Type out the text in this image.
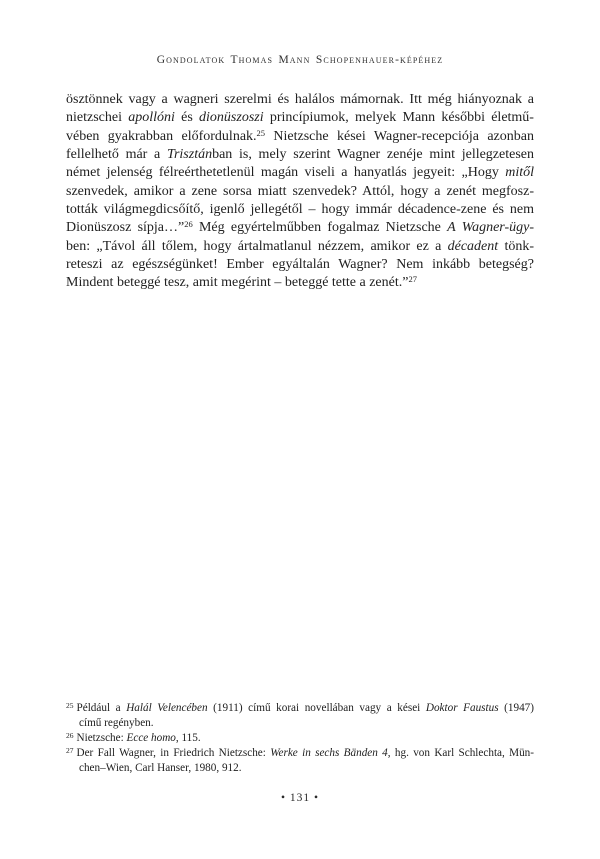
Gondolatok Thomas Mann Schopenhauer-képéhez
ösztönnek vagy a wagneri szerelmi és halálos mámornak. Itt még hiányoznak a
nietzschei apollóni és dionüszoszi princípiumok, melyek Mann későbbi életmű-
vében gyakrabban előfordulnak.$^{25}$ Nietzsche kései Wagner-recepciója azonban
fellelhető már a Trisztánban is, mely szerint Wagner zenéje mint jellegzetesen
német jelenség félreérthetetlenül magán viseli a hanyatlás jegyeit: „Hogy mitől
szenvedek, amikor a zene sorsa miatt szenvedek? Attól, hogy a zenét megfosz-
tották világmegdicsőítő, igenlő jellegétől – hogy immár décadence-zene és nem
Dionüszosz sípja…”$^{26}$ Még egyértelműbben fogalmaz Nietzsche A Wagner-ügy-
ben: „Távol áll tőlem, hogy ártalmatlanul nézzem, amikor ez a décadent tönk-
reteszi az egészségünket! Ember egyáltalán Wagner? Nem inkább betegség?
Mindent beteggé tesz, amit megérint – beteggé tette a zenét.”$^{27}$
$^{25}$ Például a Halál Velencében (1911) című korai novellában vagy a kései Doktor Faustus (1947)
című regényben.
$^{26}$ Nietzsche: Ecce homo, 115.
$^{27}$ Der Fall Wagner, in Friedrich Nietzsche: Werke in sechs Bänden 4, hg. von Karl Schlechta, Mün-
chen–Wien, Carl Hanser, 1980, 912.
• 131 •
